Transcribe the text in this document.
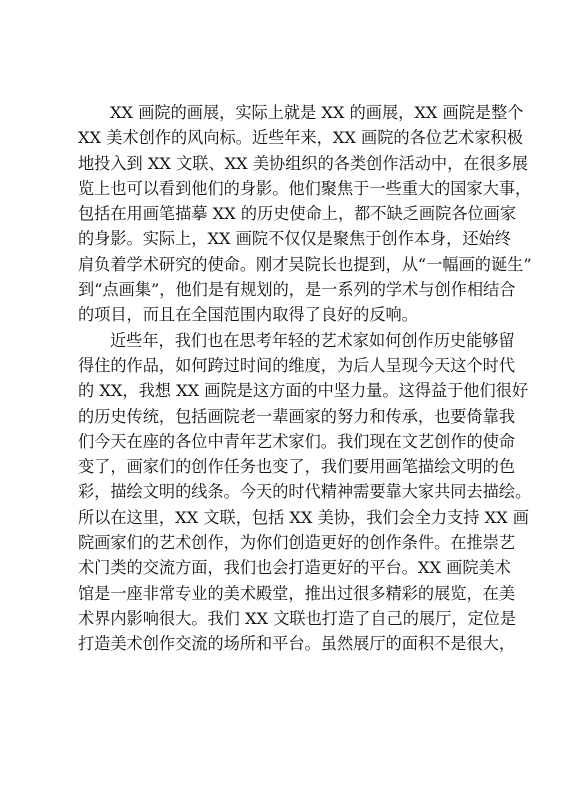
XX 画院的画展，实际上就是 XX 的画展，XX 画院是整个
XX 美术创作的风向标。近些年来，XX 画院的各位艺术家积极
地投入到 XX 文联、XX 美协组织的各类创作活动中，在很多展
览上也可以看到他们的身影。他们聚焦于一些重大的国家大事，
包括在用画笔描摹 XX 的历史使命上，都不缺乏画院各位画家
的身影。实际上，XX 画院不仅仅是聚焦于创作本身，还始终
肩负着学术研究的使命。刚才吴院长也提到，从“一幅画的诞生”
到“点画集”，他们是有规划的，是一系列的学术与创作相结合
的项目，而且在全国范围内取得了良好的反响。
近些年，我们也在思考年轻的艺术家如何创作历史能够留
得住的作品，如何跨过时间的维度，为后人呈现今天这个时代
的 XX，我想 XX 画院是这方面的中坚力量。这得益于他们很好
的历史传统，包括画院老一辈画家的努力和传承，也要倚靠我
们今天在座的各位中青年艺术家们。我们现在文艺创作的使命
变了，画家们的创作任务也变了，我们要用画笔描绘文明的色
彩，描绘文明的线条。今天的时代精神需要靠大家共同去描绘。
所以在这里，XX 文联，包括 XX 美协，我们会全力支持 XX 画
院画家们的艺术创作，为你们创造更好的创作条件。在推崇艺
术门类的交流方面，我们也会打造更好的平台。XX 画院美术
馆是一座非常专业的美术殿堂，推出过很多精彩的展览，在美
术界内影响很大。我们 XX 文联也打造了自己的展厅，定位是
打造美术创作交流的场所和平台。虽然展厅的面积不是很大，
